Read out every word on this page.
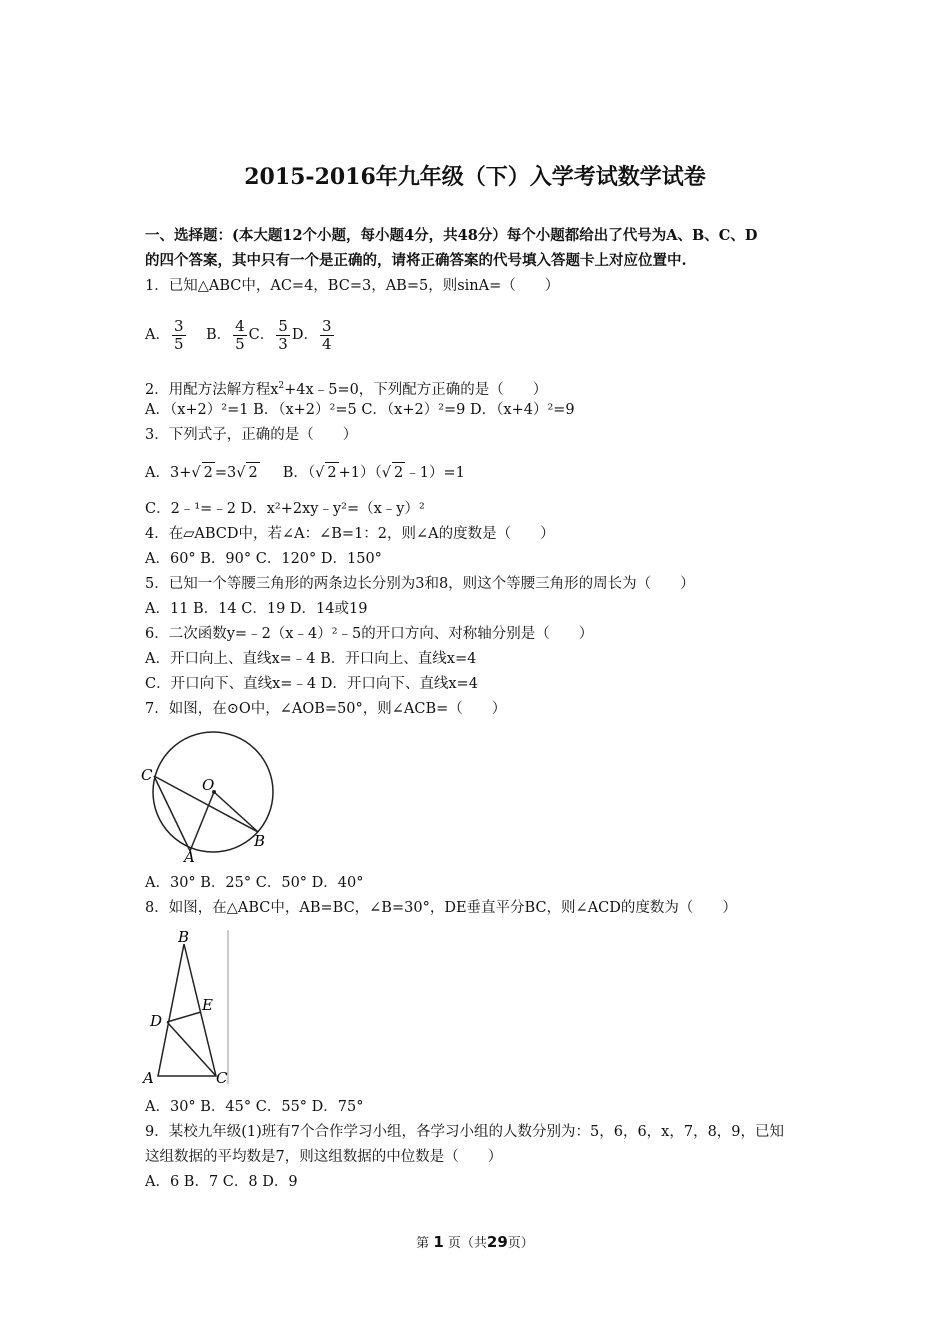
2015-2016年九年级（下）入学考试数学试卷
一、选择题：(本大题12个小题，每小题4分，共48分）每个小题都给出了代号为A、B、C、D
的四个答案，其中只有一个是正确的，请将正确答案的代号填入答题卡上对应位置中.
1．已知△ABC中，AC=4，BC=3，AB=5，则sinA=（　　）
A． $\frac{3}{5}$ B． $\frac{4}{5}$ C． $\frac{5}{3}$ D． $\frac{3}{4}$
2．用配方法解方程$x^2+4x﹣5=0$，下列配方正确的是（　　）
A．（x+2）²=1 B．（x+2）²=5 C．（x+2）²=9 D．（x+4）²=9
3．下列式子，正确的是（　　）
A．3+√ 2 =3√ 2 B．（√ 2 +1）（√ 2 ﹣1）=1
C．2﹣¹=﹣2 D．x²+2xy﹣y²=（x﹣y）²
4．在▱ABCD中，若∠A：∠B=1：2，则∠A的度数是（　　）
A．60° B．90° C．120° D．150°
5．已知一个等腰三角形的两条边长分别为3和8，则这个等腰三角形的周长为（　　）
A．11 B．14 C．19 D．14或19
6．二次函数y=﹣2（x﹣4）²﹣5的开口方向、对称轴分别是（　　）
A．开口向上、直线x=﹣4 B．开口向上、直线x=4
C．开口向下、直线x=﹣4 D．开口向下、直线x=4
7．如图，在⊙O中，∠AOB=50°，则∠ACB=（　　）
C
O
A
B
A．30° B．25° C．50° D．40°
8．如图，在△ABC中，AB=BC，∠B=30°，DE垂直平分BC，则∠ACD的度数为（　　）
B
E
D
A	C
A．30° B．45° C．55° D．75°
9．某校九年级(1)班有7个合作学习小组，各学习小组的人数分别为：5，6，6，x，7，8，9，已知
这组数据的平均数是7，则这组数据的中位数是（　　）
A．6 B．7 C．8 D．9
第 1 页（共29页）
